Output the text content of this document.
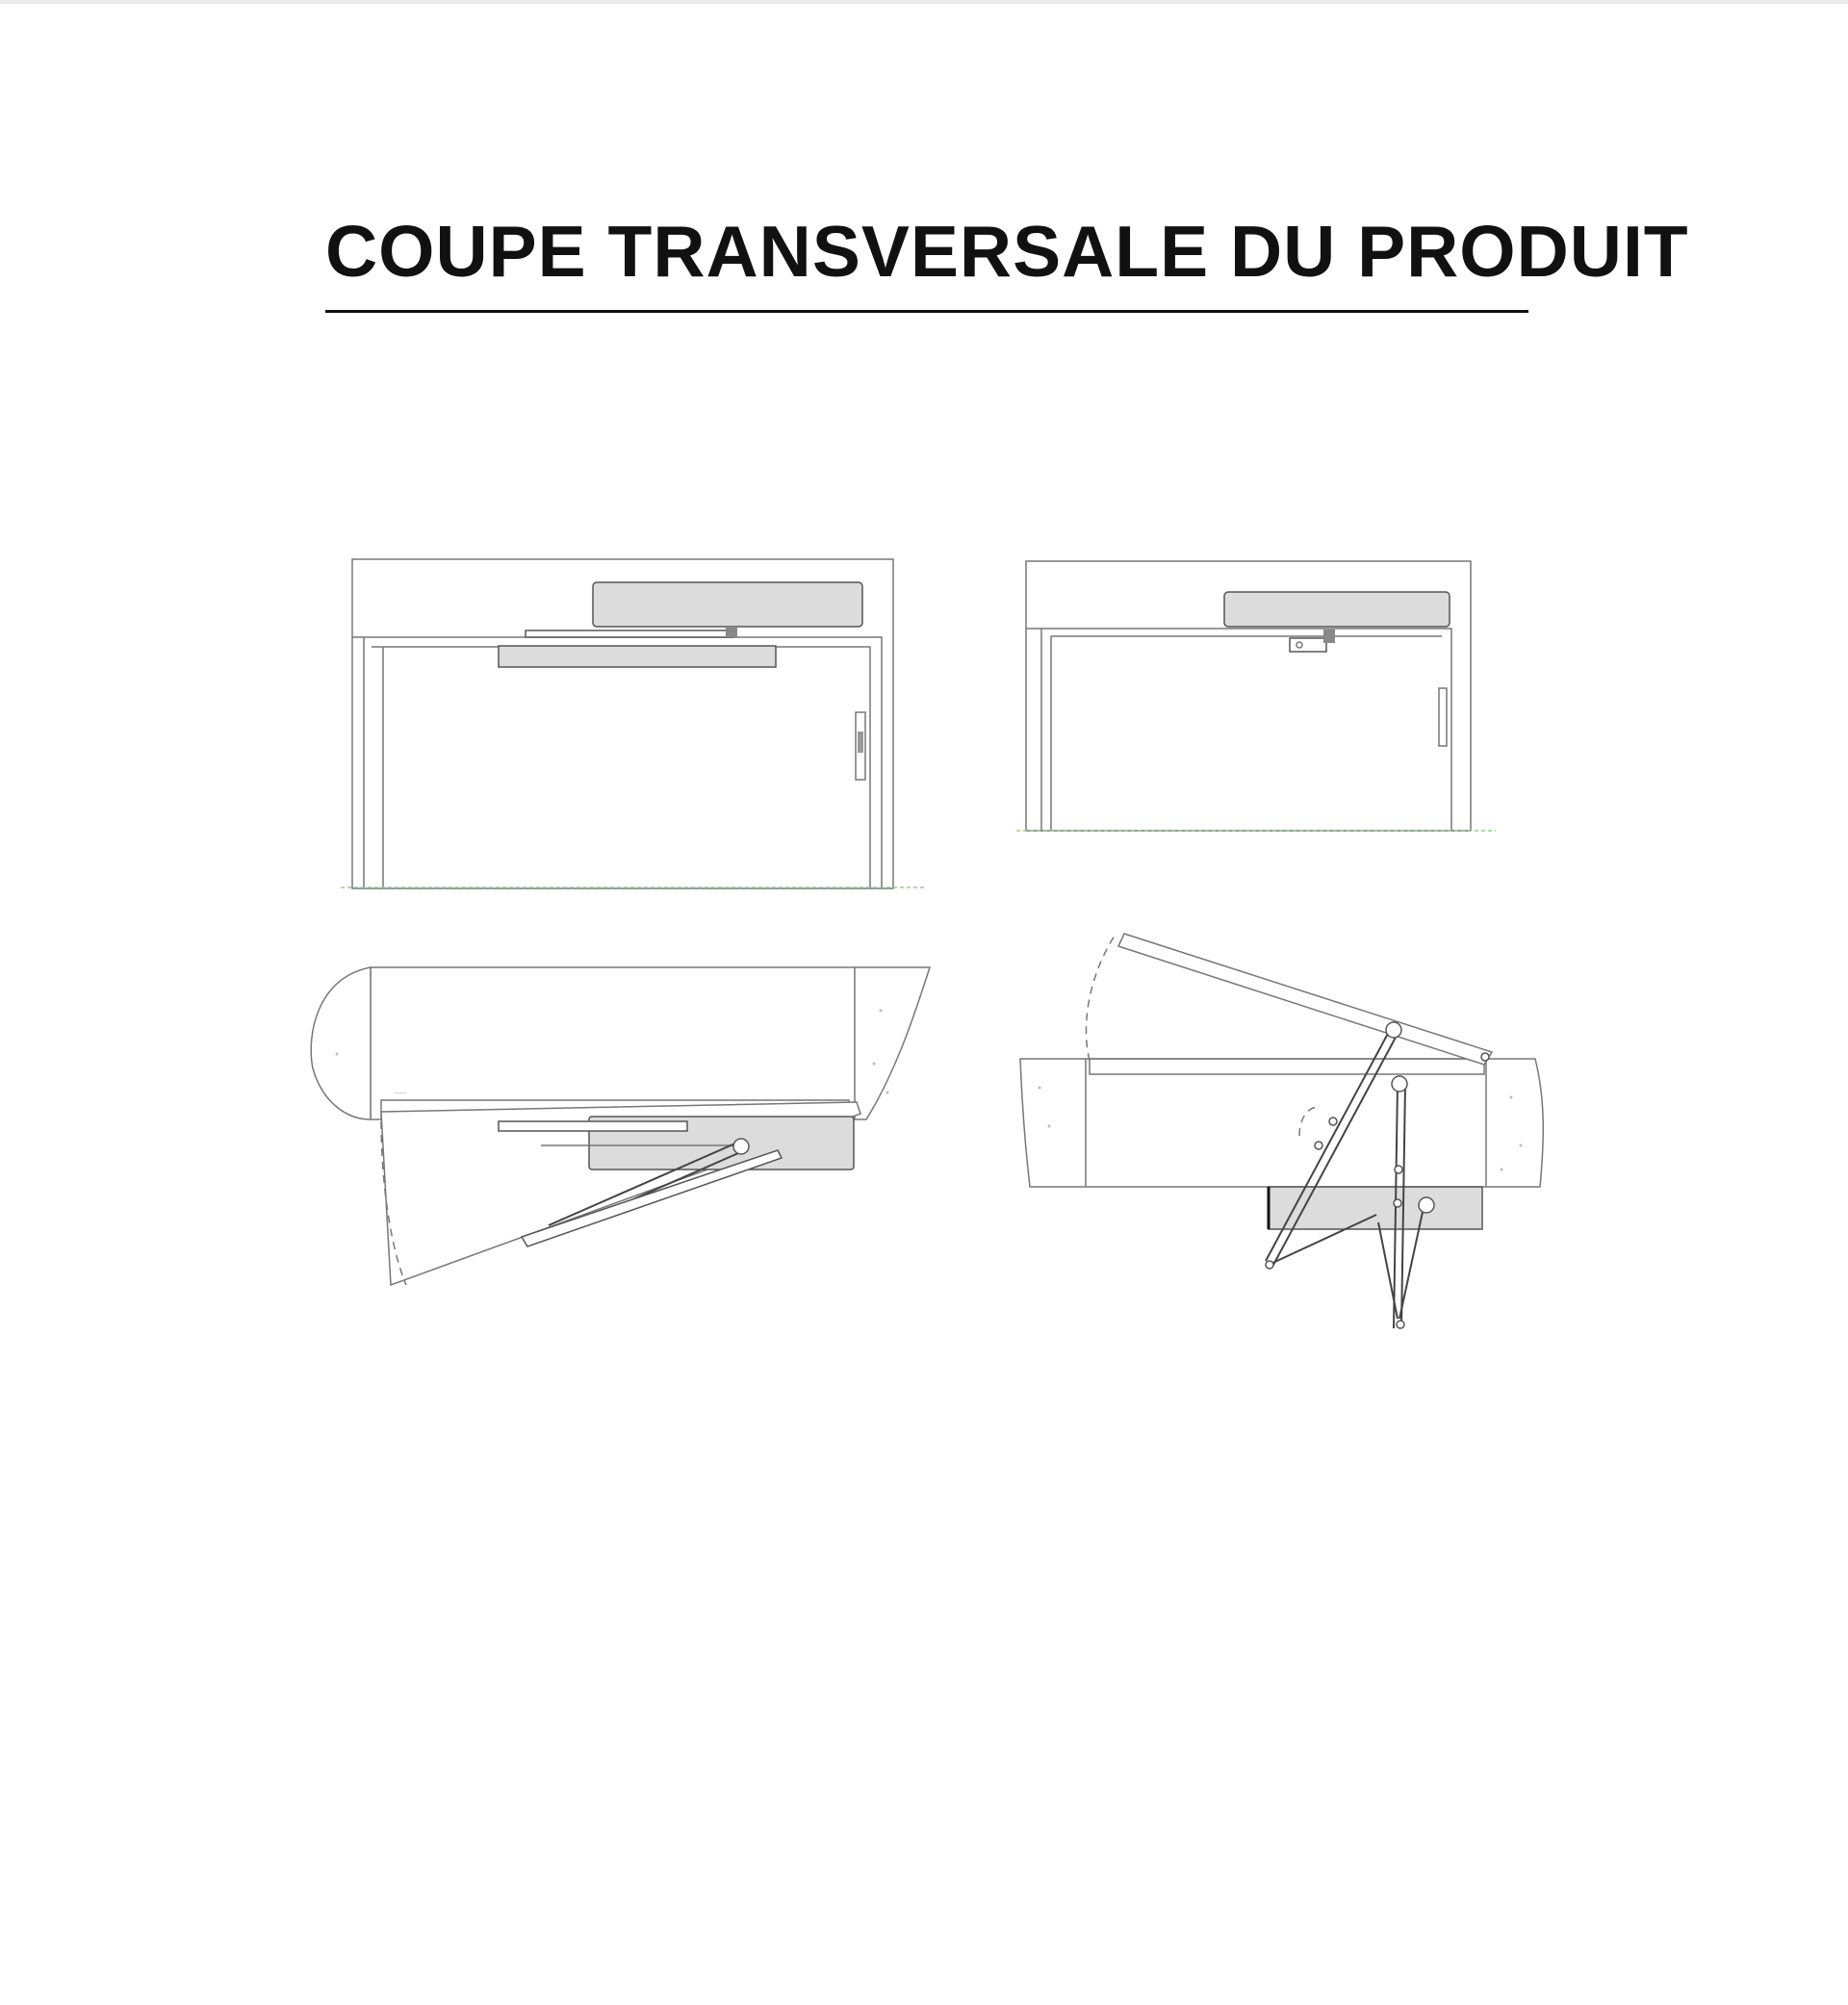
COUPE TRANSVERSALE DU PRODUIT
——
